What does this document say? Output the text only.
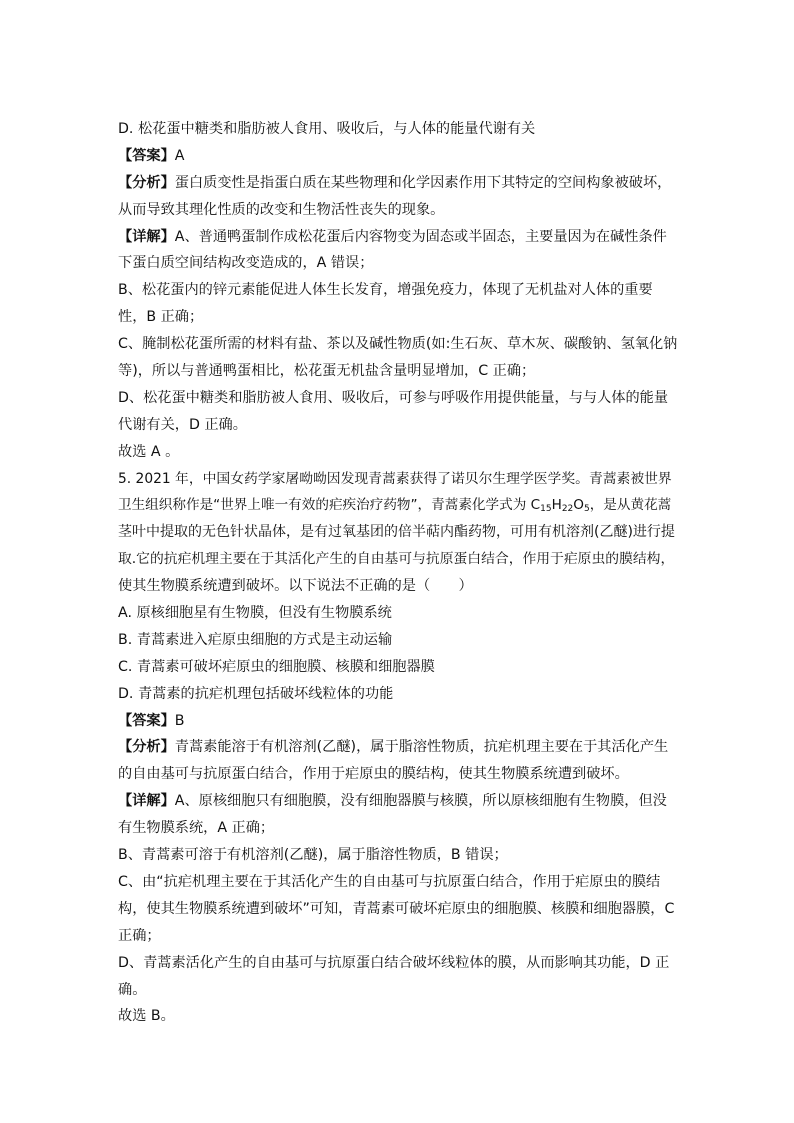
D. 松花蛋中糖类和脂肪被人食用、吸收后，与人体的能量代谢有关
【答案】A
【分析】蛋白质变性是指蛋白质在某些物理和化学因素作用下其特定的空间构象被破坏，
从而导致其理化性质的改变和生物活性丧失的现象。
【详解】A、普通鸭蛋制作成松花蛋后内容物变为固态或半固态，主要量因为在碱性条件
下蛋白质空间结构改变造成的，A 错误；
B、松花蛋内的锌元素能促进人体生长发育，增强免疫力，体现了无机盐对人体的重要
性，B 正确；
C、腌制松花蛋所需的材料有盐、茶以及碱性物质(如:生石灰、草木灰、碳酸钠、氢氧化钠
等)，所以与普通鸭蛋相比，松花蛋无机盐含量明显增加，C 正确；
D、松花蛋中糖类和脂肪被人食用、吸收后，可参与呼吸作用提供能量，与与人体的能量
代谢有关，D 正确。
故选 A 。
5. 2021 年，中国女药学家屠呦呦因发现青蒿素获得了诺贝尔生理学医学奖。青蒿素被世界
卫生组织称作是“世界上唯一有效的疟疾治疗药物”，青蒿素化学式为 $C_{15}H_{22}O_5$，是从黄花蒿
茎叶中提取的无色针状晶体，是有过氧基团的倍半萜内酯药物，可用有机溶剂(乙醚)进行提
取.它的抗疟机理主要在于其活化产生的自由基可与抗原蛋白结合，作用于疟原虫的膜结构，
使其生物膜系统遭到破坏。以下说法不正确的是（　　）
A. 原核细胞星有生物膜，但没有生物膜系统
B. 青蒿素进入疟原虫细胞的方式是主动运输
C. 青蒿素可破坏疟原虫的细胞膜、核膜和细胞器膜
D. 青蒿素的抗疟机理包括破坏线粒体的功能
【答案】B
【分析】青蒿素能溶于有机溶剂(乙醚)，属于脂溶性物质，抗疟机理主要在于其活化产生
的自由基可与抗原蛋白结合，作用于疟原虫的膜结构，使其生物膜系统遭到破坏。
【详解】A、原核细胞只有细胞膜，没有细胞器膜与核膜，所以原核细胞有生物膜，但没
有生物膜系统，A 正确；
B、青蒿素可溶于有机溶剂(乙醚)，属于脂溶性物质，B 错误；
C、由“抗疟机理主要在于其活化产生的自由基可与抗原蛋白结合，作用于疟原虫的膜结
构，使其生物膜系统遭到破坏”可知，青蒿素可破坏疟原虫的细胞膜、核膜和细胞器膜，C
正确；
D、青蒿素活化产生的自由基可与抗原蛋白结合破坏线粒体的膜，从而影响其功能，D 正
确。
故选 B。
